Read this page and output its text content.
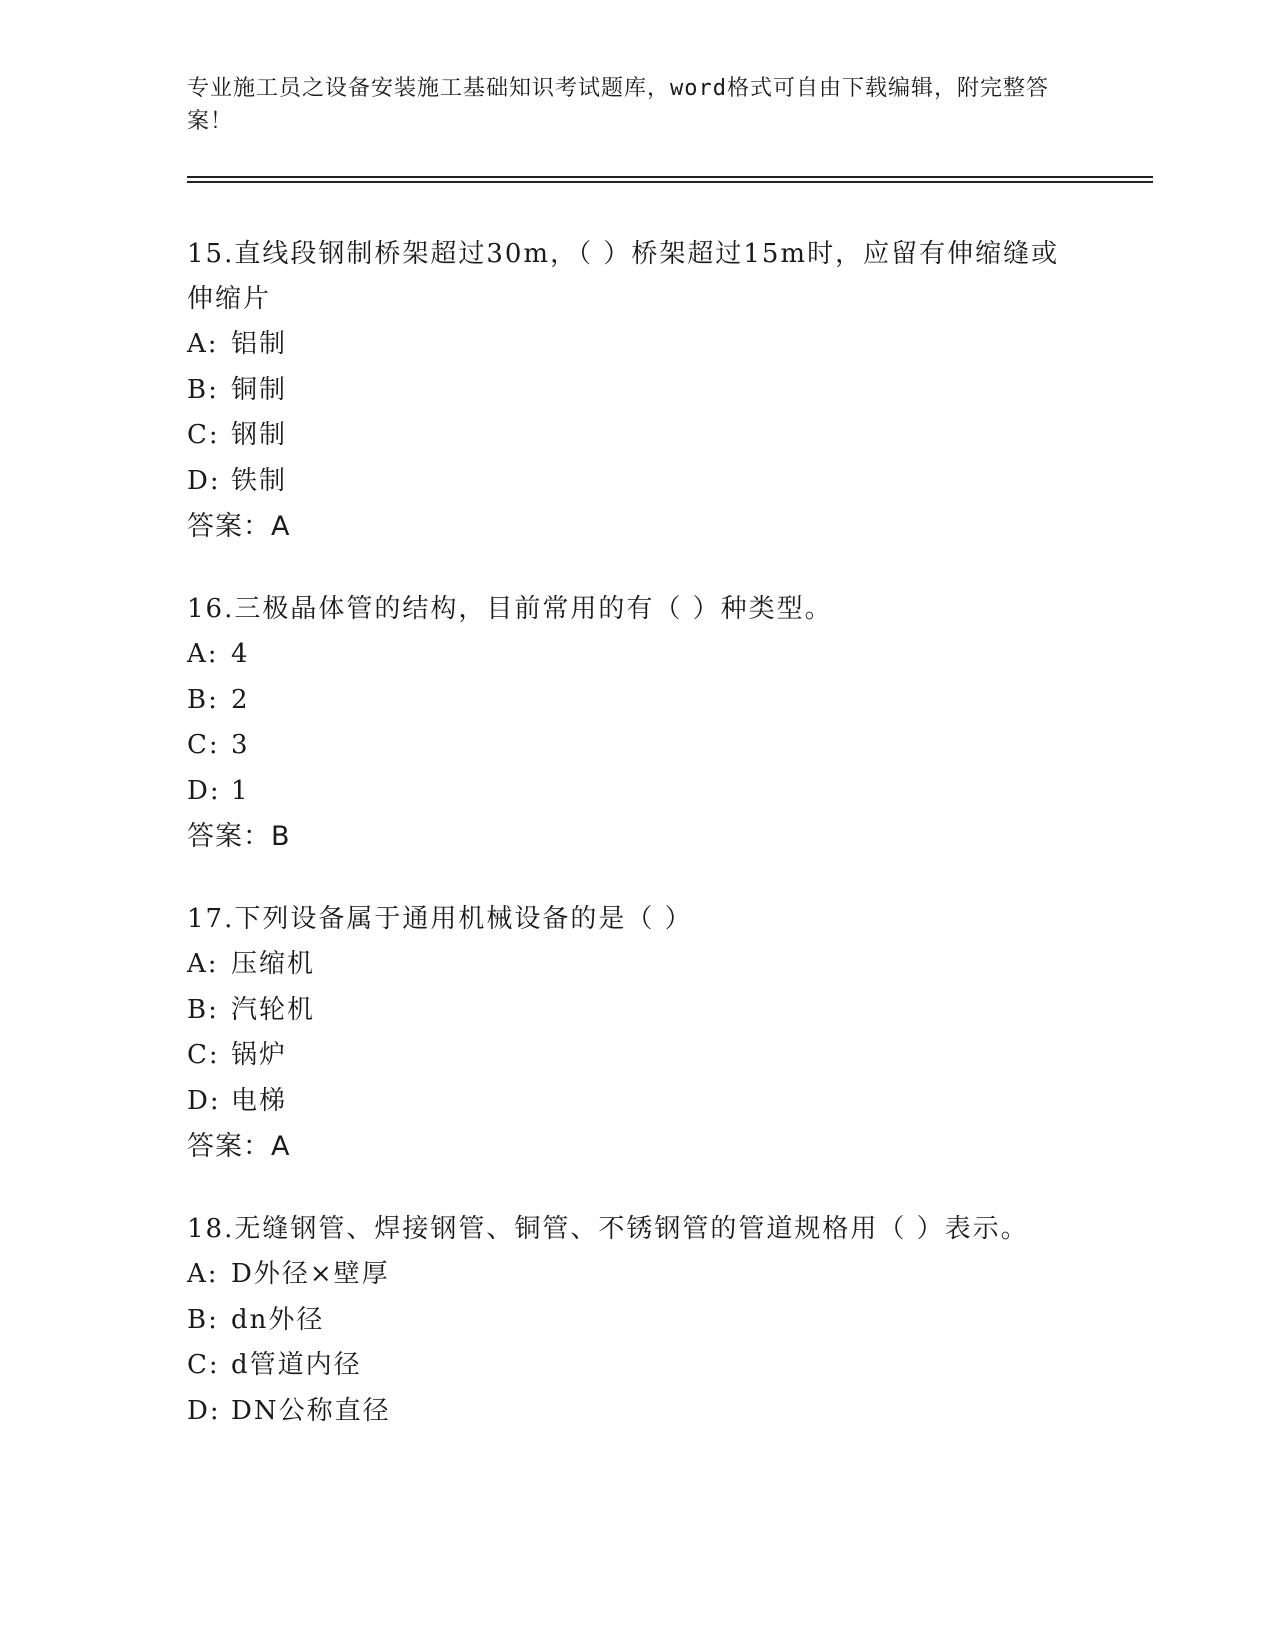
专业施工员之设备安装施工基础知识考试题库，word格式可自由下载编辑，附完整答案！
15.直线段钢制桥架超过30m，（ ）桥架超过15m时，应留有伸缩缝或伸缩片
A: 铝制
B: 铜制
C: 钢制
D: 铁制
答案：A
16.三极晶体管的结构，目前常用的有（ ）种类型。
A: 4
B: 2
C: 3
D: 1
答案：B
17.下列设备属于通用机械设备的是（ ）
A: 压缩机
B: 汽轮机
C: 锅炉
D: 电梯
答案：A
18.无缝钢管、焊接钢管、铜管、不锈钢管的管道规格用（ ）表示。
A: D外径×壁厚
B: dn外径
C: d管道内径
D: DN公称直径
